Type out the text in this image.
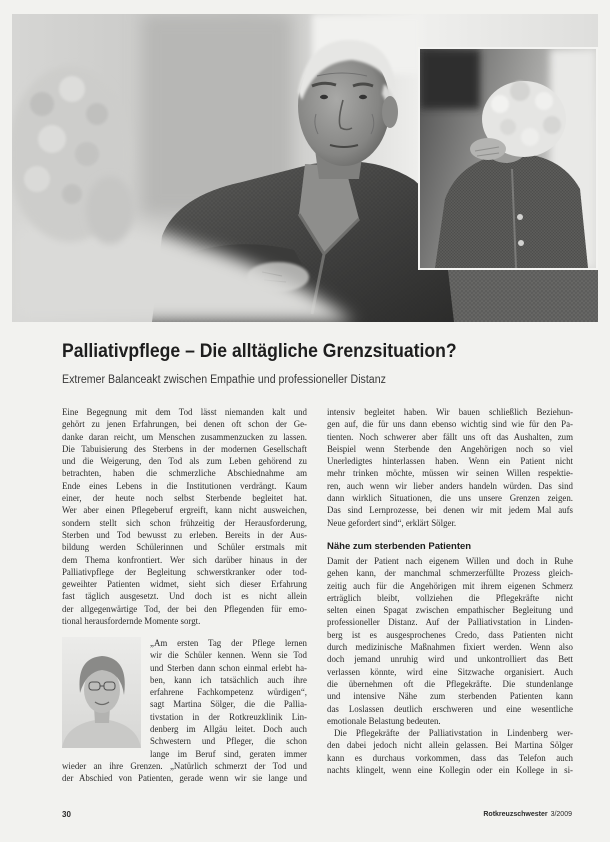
Palliativpflege – Die alltägliche Grenzsituation?
Extremer Balanceakt zwischen Empathie und professioneller Distanz
Eine Begegnung mit dem Tod lässt niemanden kalt und
gehört zu jenen Erfahrungen, bei denen oft schon der Ge-
danke daran reicht, um Menschen zusammenzucken zu lassen.
Die Tabuisierung des Sterbens in der modernen Gesellschaft
und die Weigerung, den Tod als zum Leben gehörend zu
betrachten, haben die schmerzliche Abschiednahme am
Ende eines Lebens in die Institutionen verdrängt. Kaum
einer, der heute noch selbst Sterbende begleitet hat.
Wer aber einen Pflegeberuf ergreift, kann nicht ausweichen,
sondern stellt sich schon frühzeitig der Herausforderung,
Sterben und Tod bewusst zu erleben. Bereits in der Aus-
bildung werden Schülerinnen und Schüler erstmals mit
dem Thema konfrontiert. Wer sich darüber hinaus in der
Palliativpflege der Begleitung schwerstkranker oder tod-
geweihter Patienten widmet, sieht sich dieser Erfahrung
fast täglich ausgesetzt. Und doch ist es nicht allein
der allgegenwärtige Tod, der bei den Pflegenden für emo-
tional herausfordernde Momente sorgt.
„Am ersten Tag der Pflege lernen
wir die Schüler kennen. Wenn sie Tod
und Sterben dann schon einmal erlebt ha-
ben, kann ich tatsächlich auch ihre
erfahrene Fachkompetenz würdigen“,
sagt Martina Sölger, die die Pallia-
tivstation in der Rotkreuzklinik Lin-
denberg im Allgäu leitet. Doch auch
Schwestern und Pfleger, die schon
lange im Beruf sind, geraten immer
wieder an ihre Grenzen. „Natürlich schmerzt der Tod und
der Abschied von Patienten, gerade wenn wir sie lange und
intensiv begleitet haben. Wir bauen schließlich Beziehun-
gen auf, die für uns dann ebenso wichtig sind wie für den Pa-
tienten. Noch schwerer aber fällt uns oft das Aushalten, zum
Beispiel wenn Sterbende den Angehörigen noch so viel
Unerledigtes hinterlassen haben. Wenn ein Patient nicht
mehr trinken möchte, müssen wir seinen Willen respektie-
ren, auch wenn wir lieber anders handeln würden. Das sind
dann wirklich Situationen, die uns unsere Grenzen zeigen.
Das sind Lernprozesse, bei denen wir mit jedem Mal aufs
Neue gefordert sind“, erklärt Sölger.
Nähe zum sterbenden Patienten
Damit der Patient nach eigenem Willen und doch in Ruhe
gehen kann, der manchmal schmerzerfüllte Prozess gleich-
zeitig auch für die Angehörigen mit ihrem eigenen Schmerz
erträglich bleibt, vollziehen die Pflegekräfte nicht
selten einen Spagat zwischen empathischer Begleitung und
professioneller Distanz. Auf der Palliativstation in Linden-
berg ist es ausgesprochenes Credo, dass Patienten nicht
durch medizinische Maßnahmen fixiert werden. Wenn also
doch jemand unruhig wird und unkontrolliert das Bett
verlassen könnte, wird eine Sitzwache organisiert. Auch
die übernehmen oft die Pflegekräfte. Die stundenlange
und intensive Nähe zum sterbenden Patienten kann
das Loslassen deutlich erschweren und eine wesentliche
emotionale Belastung bedeuten.
Die Pflegekräfte der Palliativstation in Lindenberg wer-
den dabei jedoch nicht allein gelassen. Bei Martina Sölger
kann es durchaus vorkommen, dass das Telefon auch
nachts klingelt, wenn eine Kollegin oder ein Kollege in si-
30	Rotkreuzschwester 3/2009
